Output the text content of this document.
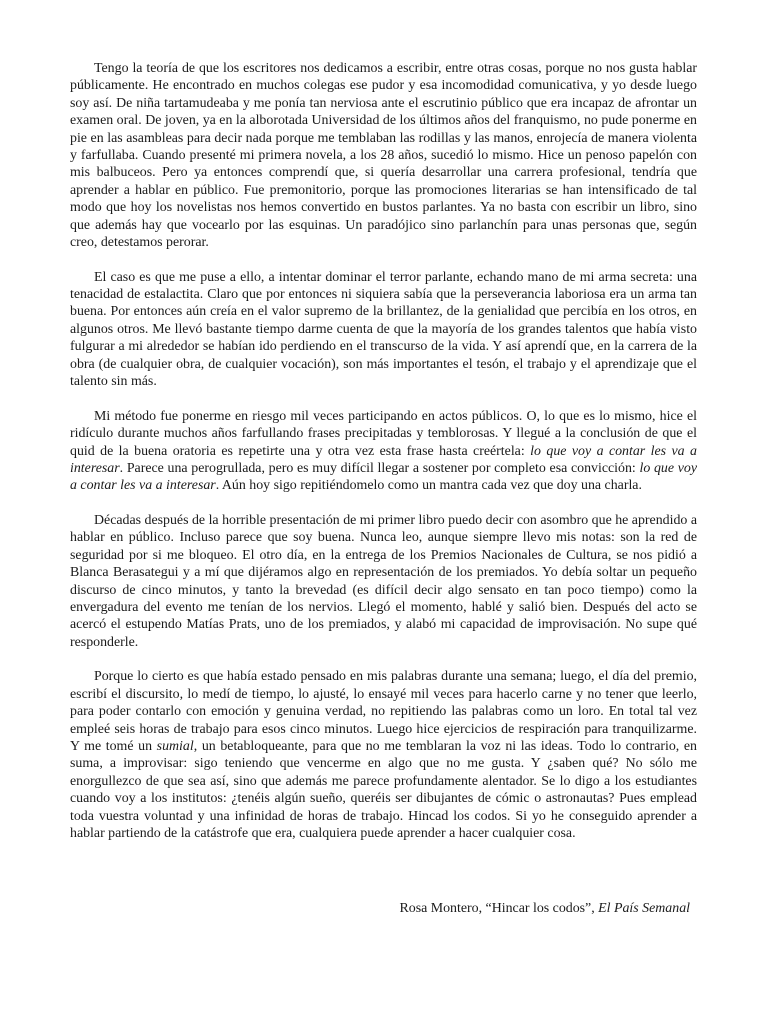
Tengo la teoría de que los escritores nos dedicamos a escribir, entre otras cosas, porque no nos gusta hablar públicamente. He encontrado en muchos colegas ese pudor y esa incomodidad comunicativa, y yo desde luego soy así. De niña tartamudeaba y me ponía tan nerviosa ante el escrutinio público que era incapaz de afrontar un examen oral. De joven, ya en la alborotada Universidad de los últimos años del franquismo, no pude ponerme en pie en las asambleas para decir nada porque me temblaban las rodillas y las manos, enrojecía de manera violenta y farfullaba. Cuando presenté mi primera novela, a los 28 años, sucedió lo mismo. Hice un penoso papelón con mis balbuceos. Pero ya entonces comprendí que, si quería desarrollar una carrera profesional, tendría que aprender a hablar en público. Fue premonitorio, porque las promociones literarias se han intensificado de tal modo que hoy los novelistas nos hemos convertido en bustos parlantes. Ya no basta con escribir un libro, sino que además hay que vocearlo por las esquinas. Un paradójico sino parlanchín para unas personas que, según creo, detestamos perorar.

El caso es que me puse a ello, a intentar dominar el terror parlante, echando mano de mi arma secreta: una tenacidad de estalactita. Claro que por entonces ni siquiera sabía que la perseverancia laboriosa era un arma tan buena. Por entonces aún creía en el valor supremo de la brillantez, de la genialidad que percibía en los otros, en algunos otros. Me llevó bastante tiempo darme cuenta de que la mayoría de los grandes talentos que había visto fulgurar a mi alrededor se habían ido perdiendo en el transcurso de la vida. Y así aprendí que, en la carrera de la obra (de cualquier obra, de cualquier vocación), son más importantes el tesón, el trabajo y el aprendizaje que el talento sin más.

Mi método fue ponerme en riesgo mil veces participando en actos públicos. O, lo que es lo mismo, hice el ridículo durante muchos años farfullando frases precipitadas y temblorosas. Y llegué a la conclusión de que el quid de la buena oratoria es repetirte una y otra vez esta frase hasta creértela: lo que voy a contar les va a interesar. Parece una perogrullada, pero es muy difícil llegar a sostener por completo esa convicción: lo que voy a contar les va a interesar. Aún hoy sigo repitiéndomelo como un mantra cada vez que doy una charla.

Décadas después de la horrible presentación de mi primer libro puedo decir con asombro que he aprendido a hablar en público. Incluso parece que soy buena. Nunca leo, aunque siempre llevo mis notas: son la red de seguridad por si me bloqueo. El otro día, en la entrega de los Premios Nacionales de Cultura, se nos pidió a Blanca Berasategui y a mí que dijéramos algo en representación de los premiados. Yo debía soltar un pequeño discurso de cinco minutos, y tanto la brevedad (es difícil decir algo sensato en tan poco tiempo) como la envergadura del evento me tenían de los nervios. Llegó el momento, hablé y salió bien. Después del acto se acercó el estupendo Matías Prats, uno de los premiados, y alabó mi capacidad de improvisación. No supe qué responderle.

Porque lo cierto es que había estado pensado en mis palabras durante una semana; luego, el día del premio, escribí el discursito, lo medí de tiempo, lo ajusté, lo ensayé mil veces para hacerlo carne y no tener que leerlo, para poder contarlo con emoción y genuina verdad, no repitiendo las palabras como un loro. En total tal vez empleé seis horas de trabajo para esos cinco minutos. Luego hice ejercicios de respiración para tranquilizarme. Y me tomé un sumial, un betabloqueante, para que no me temblaran la voz ni las ideas. Todo lo contrario, en suma, a improvisar: sigo teniendo que vencerme en algo que no me gusta. Y ¿saben qué? No sólo me enorgullezco de que sea así, sino que además me parece profundamente alentador. Se lo digo a los estudiantes cuando voy a los institutos: ¿tenéis algún sueño, queréis ser dibujantes de cómic o astronautas? Pues emplead toda vuestra voluntad y una infinidad de horas de trabajo. Hincad los codos. Si yo he conseguido aprender a hablar partiendo de la catástrofe que era, cualquiera puede aprender a hacer cualquier cosa.

Rosa Montero, “Hincar los codos”, El País Semanal
